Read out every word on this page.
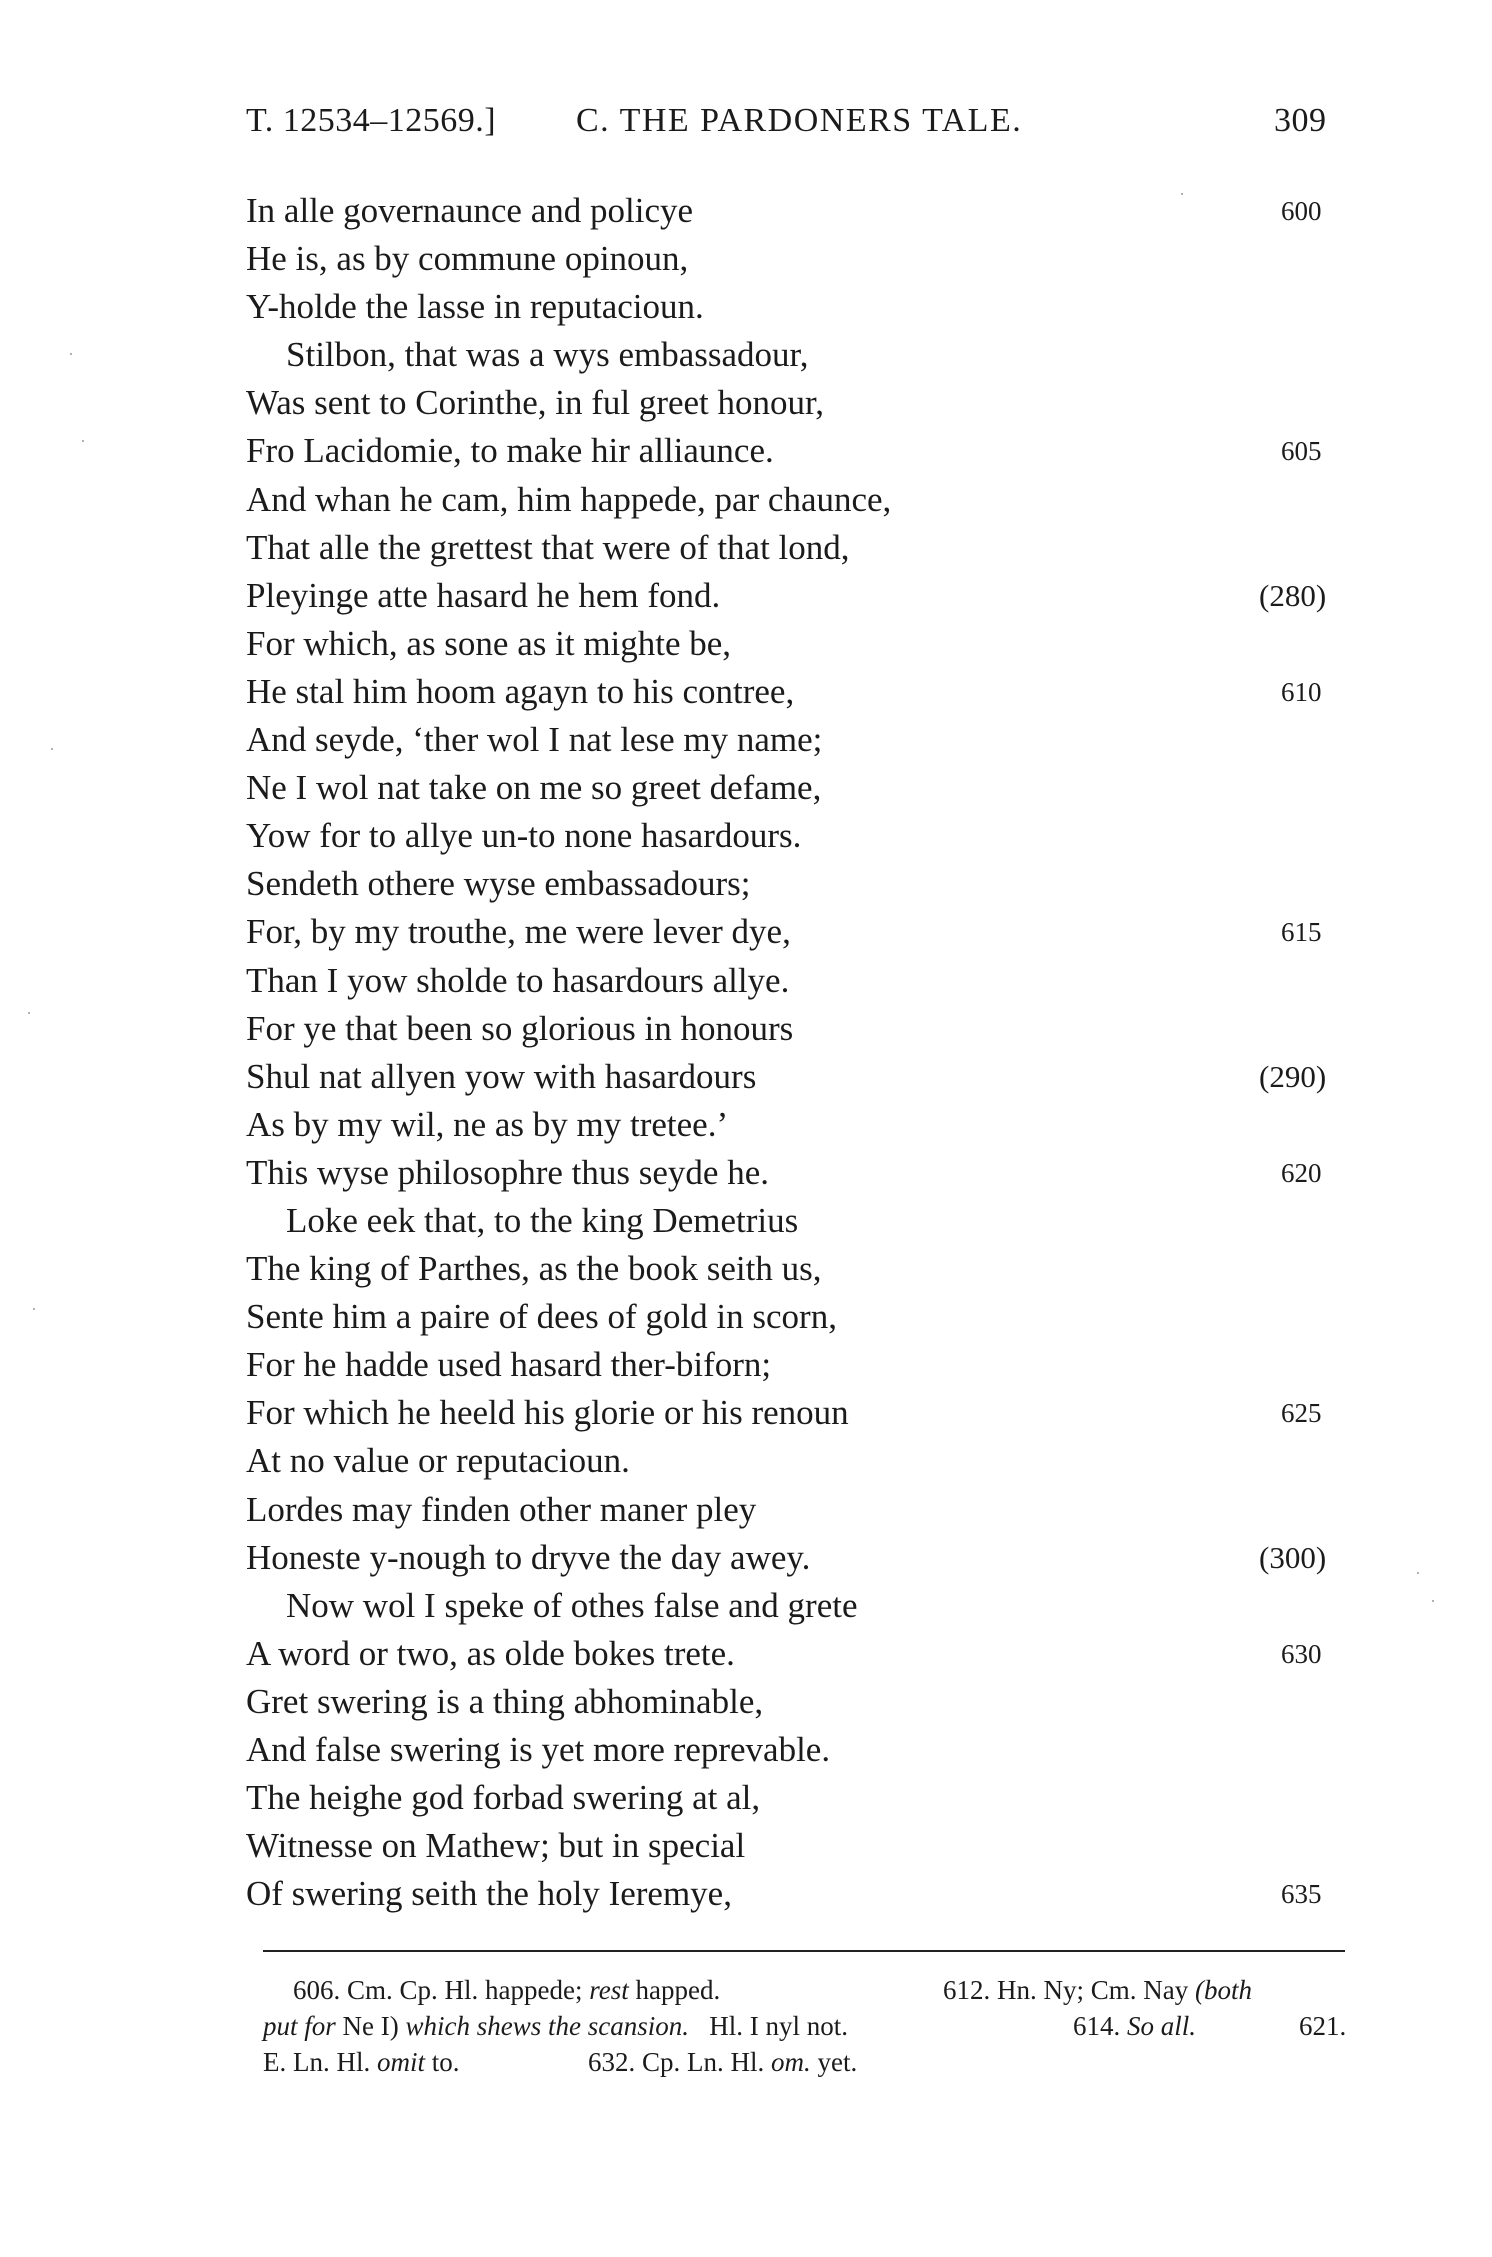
T. 12534–12569.] C. THE PARDONERS TALE.	309
In alle governaunce and policye	600
He is, as by commune opinoun,
Y-holde the lasse in reputacioun.
Stilbon, that was a wys embassadour,
Was sent to Corinthe, in ful greet honour,
Fro Lacidomie, to make hir alliaunce.	605
And whan he cam, him happede, par chaunce,
That alle the grettest that were of that lond,
Pleyinge atte hasard he hem fond.	(280)
For which, as sone as it mighte be,
He stal him hoom agayn to his contree,	610
And seyde, ‘ther wol I nat lese my name;
Ne I wol nat take on me so greet defame,
Yow for to allye un-to none hasardours.
Sendeth othere wyse embassadours;
For, by my trouthe, me were lever dye,	615
Than I yow sholde to hasardours allye.
For ye that been so glorious in honours
Shul nat allyen yow with hasardours	(290)
As by my wil, ne as by my tretee.’
This wyse philosophre thus seyde he.	620
Loke eek that, to the king Demetrius
The king of Parthes, as the book seith us,
Sente him a paire of dees of gold in scorn,
For he hadde used hasard ther-biforn;
For which he heeld his glorie or his renoun	625
At no value or reputacioun.
Lordes may finden other maner pley
Honeste y-nough to dryve the day awey.	(300)
Now wol I speke of othes false and grete
A word or two, as olde bokes trete.	630
Gret swering is a thing abhominable,
And false swering is yet more reprevable.
The heighe god forbad swering at al,
Witnesse on Mathew; but in special
Of swering seith the holy Ieremye,	635
606. Cm. Cp. Hl. happede; rest happed.	612. Hn. Ny; Cm. Nay (both
put for Ne I) which shews the scansion. Hl. I nyl not.	614. So all.	621.
E. Ln. Hl. omit to.	632. Cp. Ln. Hl. om. yet.
